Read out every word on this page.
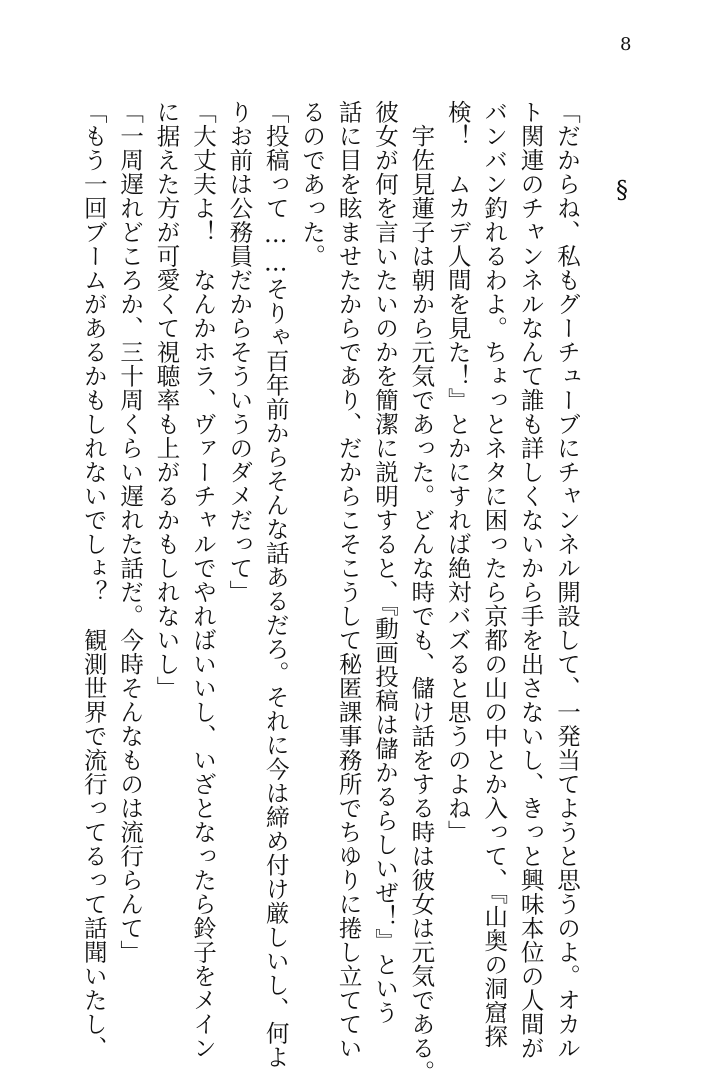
8
§
「だからね、私もグーチューブにチャンネル開設して、一発当てようと思うのよ。オカル
ト関連のチャンネルなんて誰も詳しくないから手を出さないし、きっと興味本位の人間が
バンバン釣れるわよ。ちょっとネタに困ったら京都の山の中とか入って、『山奥の洞窟探
検！　ムカデ人間を見た！』とかにすれば絶対バズると思うのよね」
　宇佐見蓮子は朝から元気であった。どんな時でも、儲け話をする時は彼女は元気である。
彼女が何を言いたいのかを簡潔に説明すると、『動画投稿は儲かるらしいぜ！』という
話に目を眩ませたからであり、だからこそこうして秘匿課事務所でちゆりに捲し立ててい
るのであった。
「投稿って……そりゃ百年前からそんな話あるだろ。それに今は締め付け厳しいし、何よ
りお前は公務員だからそういうのダメだって」
「大丈夫よ！　なんかホラ、ヴァーチャルでやればいいし、いざとなったら鈴子をメイン
に据えた方が可愛くて視聴率も上がるかもしれないし」
「一周遅れどころか、三十周くらい遅れた話だ。今時そんなものは流行らんて」
「もう一回ブームがあるかもしれないでしょ？　観測世界で流行ってるって話聞いたし、
